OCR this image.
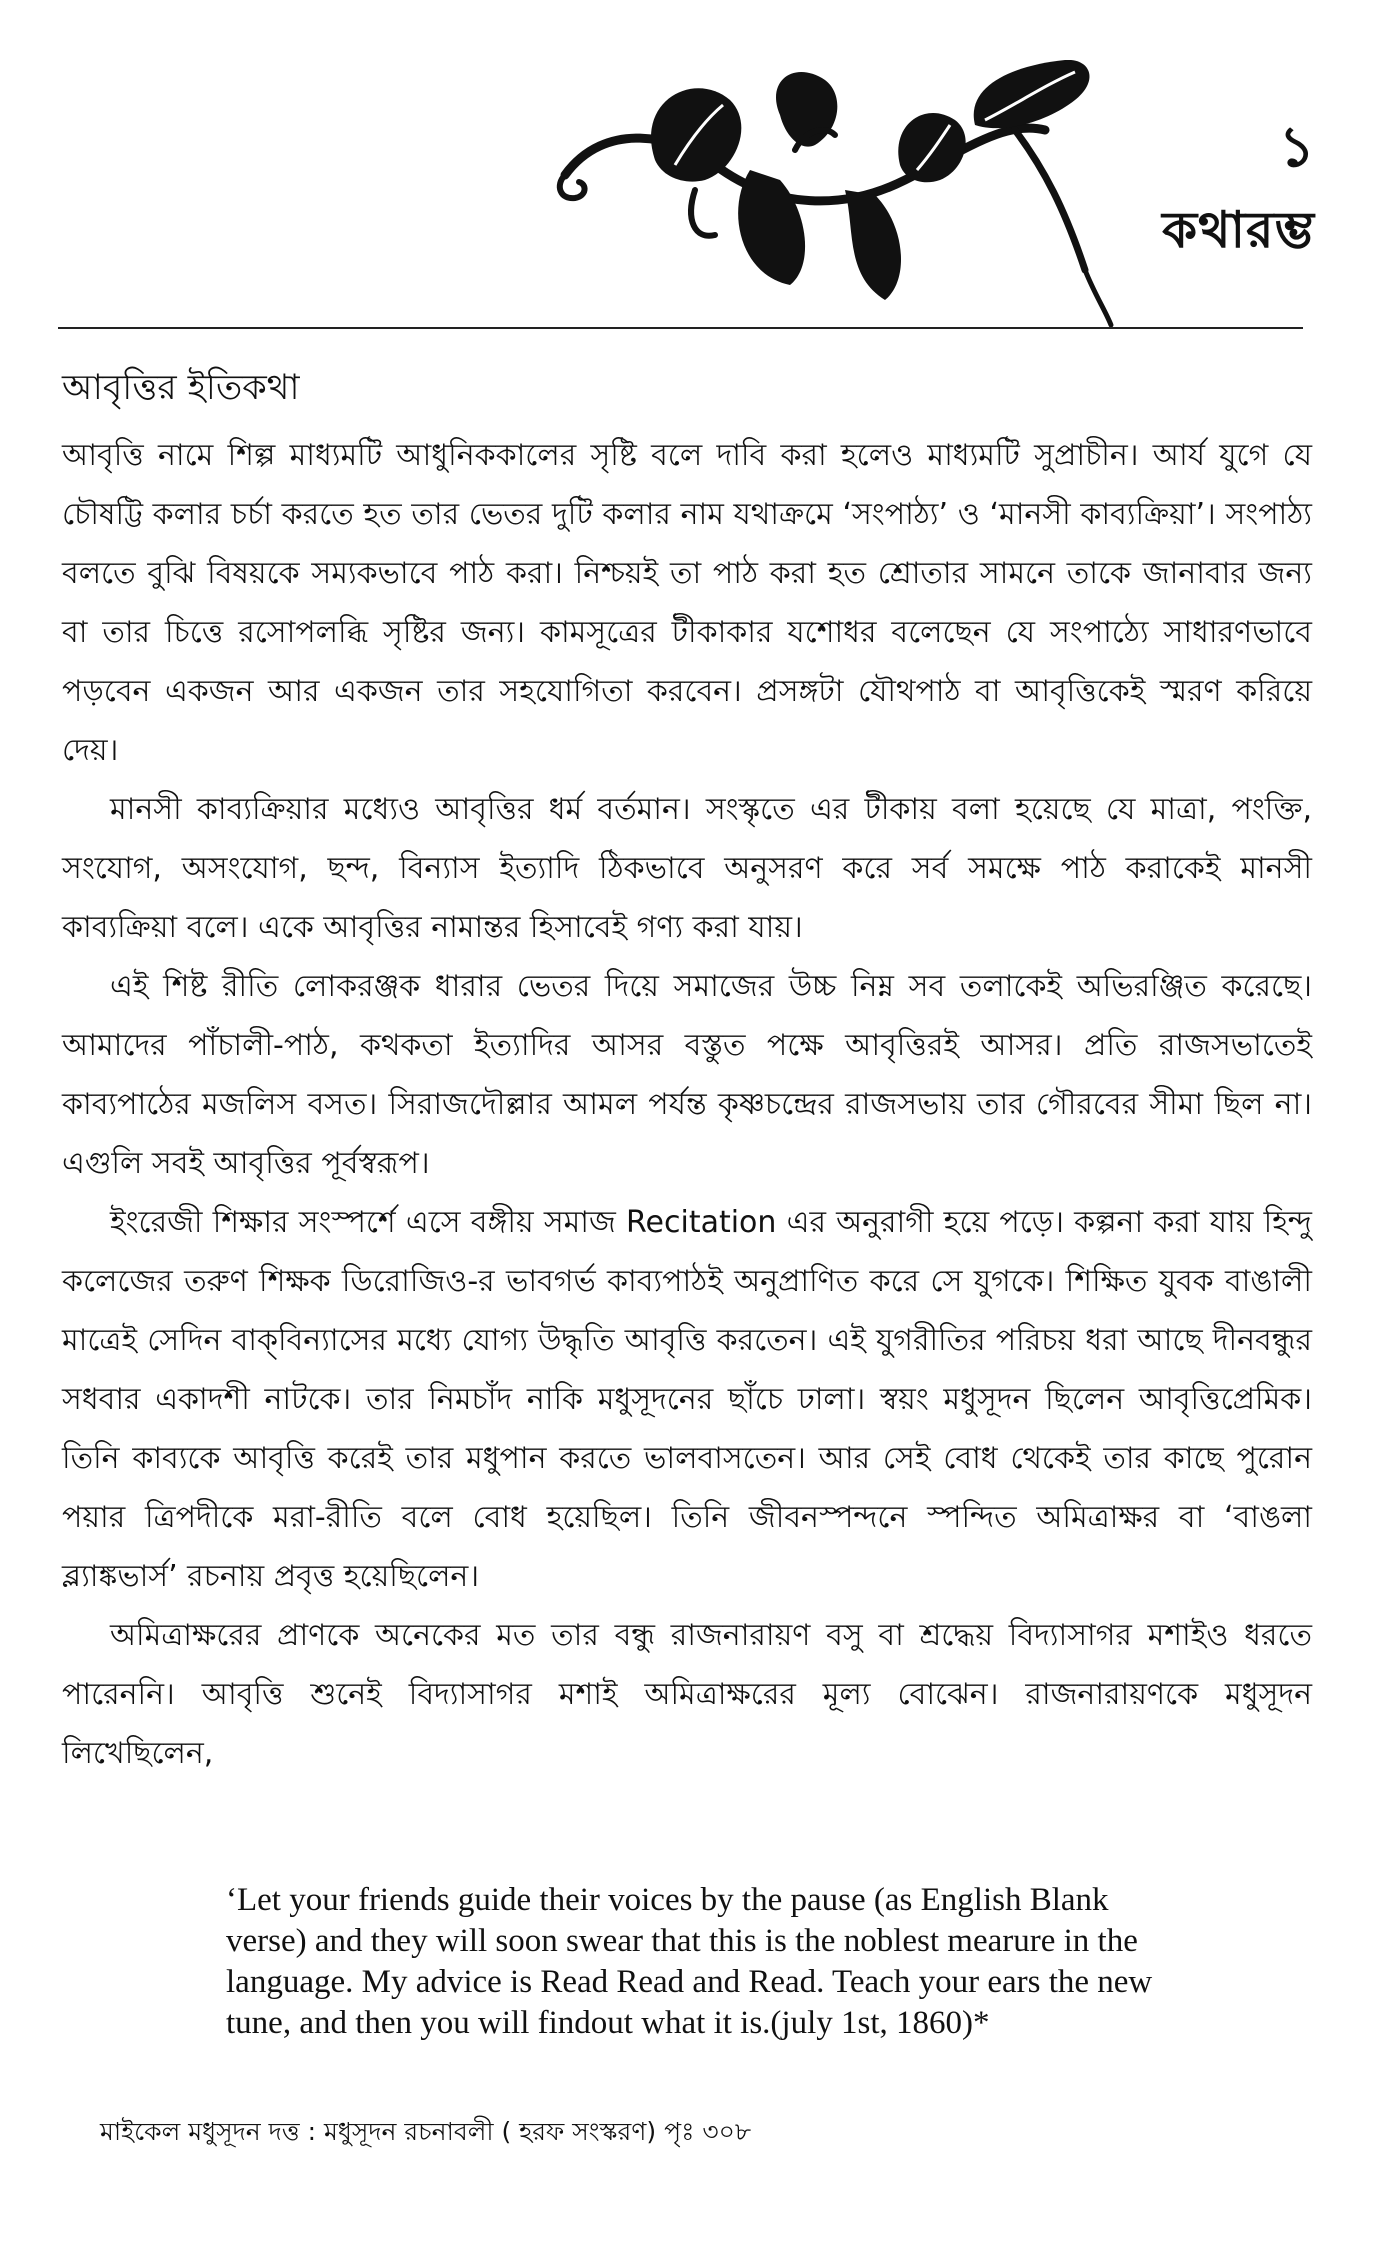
১
কথারম্ভ
আবৃত্তির ইতিকথা

আবৃত্তি নামে শিল্প মাধ্যমটি আধুনিককালের সৃষ্টি বলে দাবি করা হলেও মাধ্যমটি সুপ্রাচীন। আর্য যুগে যে চৌষট্টি কলার চর্চা করতে হত তার ভেতর দুটি কলার নাম যথাক্রমে ‘সংপাঠ্য’ ও ‘মানসী কাব্যক্রিয়া’। সংপাঠ্য বলতে বুঝি বিষয়কে সম্যকভাবে পাঠ করা। নিশ্চয়ই তা পাঠ করা হত শ্রোতার সামনে তাকে জানাবার জন্য বা তার চিত্তে রসোপলব্ধি সৃষ্টির জন্য। কামসূত্রের টীকাকার যশোধর বলেছেন যে সংপাঠ্যে সাধারণভাবে পড়বেন একজন আর একজন তার সহযোগিতা করবেন। প্রসঙ্গটা যৌথপাঠ বা আবৃত্তিকেই স্মরণ করিয়ে দেয়।

মানসী কাব্যক্রিয়ার মধ্যেও আবৃত্তির ধর্ম বর্তমান। সংস্কৃতে এর টীকায় বলা হয়েছে যে মাত্রা, পংক্তি, সংযোগ, অসংযোগ, ছন্দ, বিন্যাস ইত্যাদি ঠিকভাবে অনুসরণ করে সর্ব সমক্ষে পাঠ করাকেই মানসী কাব্যক্রিয়া বলে। একে আবৃত্তির নামান্তর হিসাবেই গণ্য করা যায়।

এই শিষ্ট রীতি লোকরঞ্জক ধারার ভেতর দিয়ে সমাজের উচ্চ নিম্ন সব তলাকেই অভিরঞ্জিত করেছে। আমাদের পাঁচালী-পাঠ, কথকতা ইত্যাদির আসর বস্তুত পক্ষে আবৃত্তিরই আসর। প্রতি রাজসভাতেই কাব্যপাঠের মজলিস বসত। সিরাজদৌল্লার আমল পর্যন্ত কৃষ্ণচন্দ্রের রাজসভায় তার গৌরবের সীমা ছিল না। এগুলি সবই আবৃত্তির পূর্বস্বরূপ।

ইংরেজী শিক্ষার সংস্পর্শে এসে বঙ্গীয় সমাজ Recitation এর অনুরাগী হয়ে পড়ে। কল্পনা করা যায় হিন্দু কলেজের তরুণ শিক্ষক ডিরোজিও-র ভাবগর্ভ কাব্যপাঠই অনুপ্রাণিত করে সে যুগকে। শিক্ষিত যুবক বাঙালী মাত্রেই সেদিন বাক্‌বিন্যাসের মধ্যে যোগ্য উদ্ধৃতি আবৃত্তি করতেন। এই যুগরীতির পরিচয় ধরা আছে দীনবন্ধুর সধবার একাদশী নাটকে। তার নিমচাঁদ নাকি মধুসূদনের ছাঁচে ঢালা। স্বয়ং মধুসূদন ছিলেন আবৃত্তিপ্রেমিক। তিনি কাব্যকে আবৃত্তি করেই তার মধুপান করতে ভালবাসতেন। আর সেই বোধ থেকেই তার কাছে পুরোন পয়ার ত্রিপদীকে মরা-রীতি বলে বোধ হয়েছিল। তিনি জীবনস্পন্দনে স্পন্দিত অমিত্রাক্ষর বা ‘বাঙলা ব্ল্যাঙ্কভার্স’ রচনায় প্রবৃত্ত হয়েছিলেন।

অমিত্রাক্ষরের প্রাণকে অনেকের মত তার বন্ধু রাজনারায়ণ বসু বা শ্রদ্ধেয় বিদ্যাসাগর মশাইও ধরতে পারেননি। আবৃত্তি শুনেই বিদ্যাসাগর মশাই অমিত্রাক্ষরের মূল্য বোঝেন। রাজনারায়ণকে মধুসূদন লিখেছিলেন,

‘Let your friends guide their voices by the pause (as English Blank verse) and they will soon swear that this is the noblest mearure in the language. My advice is Read Read and Read. Teach your ears the new tune, and then you will findout what it is.(july 1st, 1860)*

মাইকেল মধুসূদন দত্ত : মধুসূদন রচনাবলী ( হরফ সংস্করণ) পৃঃ ৩০৮
